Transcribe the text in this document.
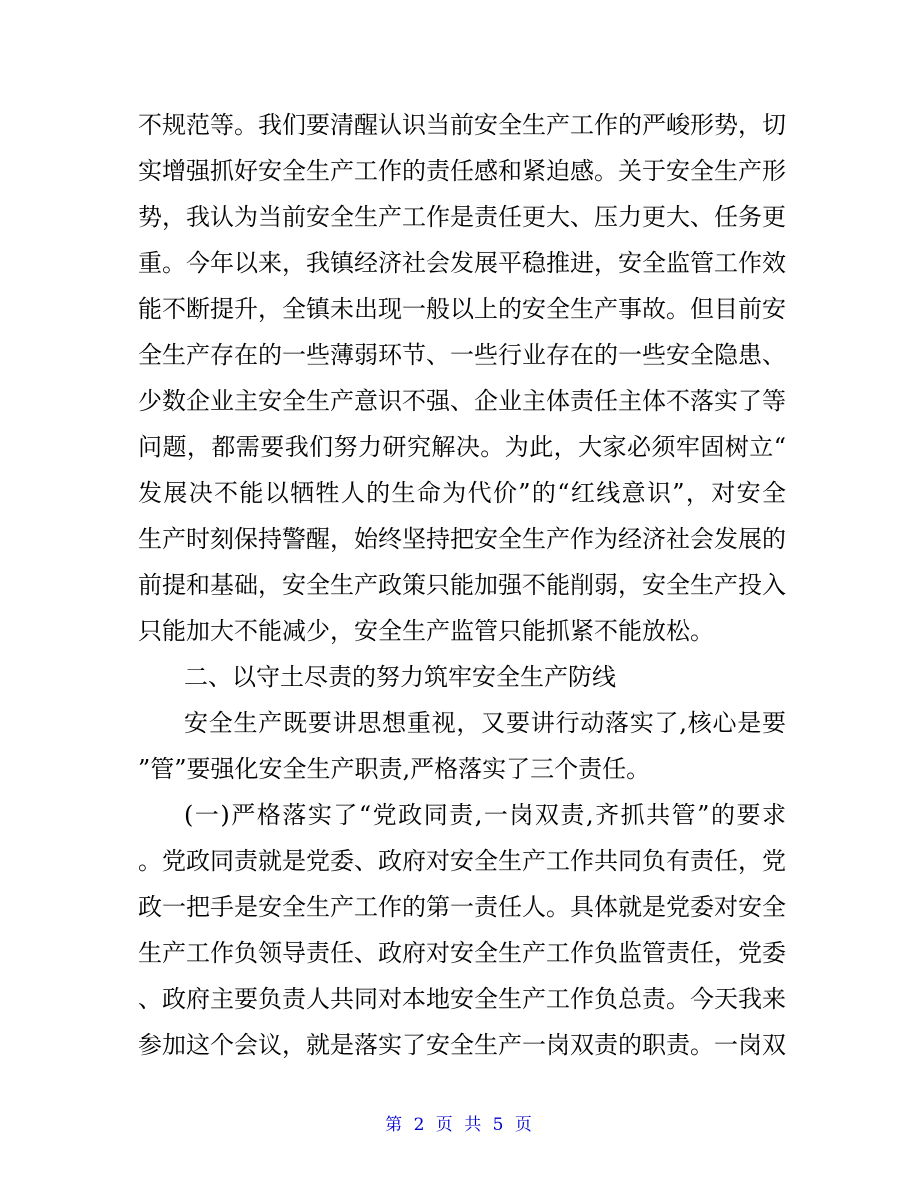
不规范等。我们要清醒认识当前安全生产工作的严峻形势，切
实增强抓好安全生产工作的责任感和紧迫感。关于安全生产形
势，我认为当前安全生产工作是责任更大、压力更大、任务更
重。今年以来，我镇经济社会发展平稳推进，安全监管工作效
能不断提升，全镇未出现一般以上的安全生产事故。但目前安
全生产存在的一些薄弱环节、一些行业存在的一些安全隐患、
少数企业主安全生产意识不强、企业主体责任主体不落实了等
问题，都需要我们努力研究解决。为此，大家必须牢固树立“
发展决不能以牺牲人的生命为代价”的“红线意识”，对安全
生产时刻保持警醒，始终坚持把安全生产作为经济社会发展的
前提和基础，安全生产政策只能加强不能削弱，安全生产投入
只能加大不能减少，安全生产监管只能抓紧不能放松。
二、以守土尽责的努力筑牢安全生产防线
安全生产既要讲思想重视，又要讲行动落实了,核心是要
”管”要强化安全生产职责,严格落实了三个责任。
(一)严格落实了“党政同责,一岗双责,齐抓共管”的要求
。党政同责就是党委、政府对安全生产工作共同负有责任，党
政一把手是安全生产工作的第一责任人。具体就是党委对安全
生产工作负领导责任、政府对安全生产工作负监管责任，党委
、政府主要负责人共同对本地安全生产工作负总责。今天我来
参加这个会议，就是落实了安全生产一岗双责的职责。一岗双
第 2 页 共 5 页
